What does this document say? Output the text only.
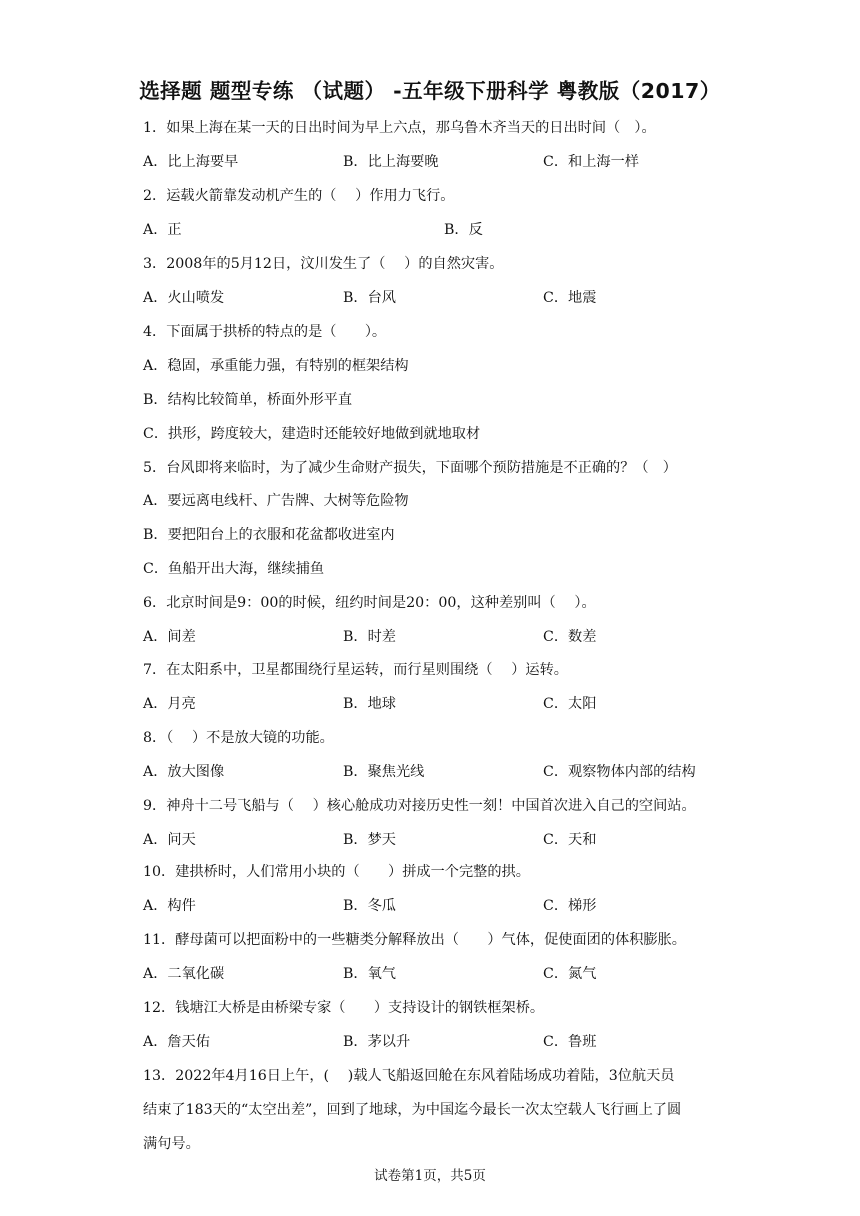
选择题 题型专练 （试题） -五年级下册科学 粤教版（2017）
1．如果上海在某一天的日出时间为早上六点，那乌鲁木齐当天的日出时间（　）。
A．比上海要早	B．比上海要晚	C．和上海一样
2．运载火箭靠发动机产生的（　 ）作用力飞行。
A．正	B．反
3．2008年的5月12日，汶川发生了（　 ）的自然灾害。
A．火山喷发	B．台风	C．地震
4．下面属于拱桥的特点的是（　　）。
A．稳固，承重能力强，有特别的框架结构
B．结构比较简单，桥面外形平直
C．拱形，跨度较大，建造时还能较好地做到就地取材
5．台风即将来临时，为了减少生命财产损失，下面哪个预防措施是不正确的？（　）
A．要远离电线杆、广告牌、大树等危险物
B．要把阳台上的衣服和花盆都收进室内
C．鱼船开出大海，继续捕鱼
6．北京时间是9：00的时候，纽约时间是20：00，这种差别叫（　 ）。
A．间差	B．时差	C．数差
7．在太阳系中，卫星都围绕行星运转，而行星则围绕（　 ）运转。
A．月亮	B．地球	C．太阳
8．（　 ）不是放大镜的功能。
A．放大图像	B．聚焦光线	C．观察物体内部的结构
9．神舟十二号飞船与（　 ）核心舱成功对接历史性一刻！中国首次进入自己的空间站。
A．问天	B．梦天	C．天和
10．建拱桥时，人们常用小块的（　　）拼成一个完整的拱。
A．构件	B．冬瓜	C．梯形
11．酵母菌可以把面粉中的一些糖类分解释放出（　　）气体，促使面团的体积膨胀。
A．二氧化碳	B．氧气	C．氮气
12．钱塘江大桥是由桥梁专家（　　）支持设计的钢铁框架桥。
A．詹天佑	B．茅以升	C．鲁班
13．2022年4月16日上午，(　 )载人飞船返回舱在东风着陆场成功着陆，3位航天员
结束了183天的“太空出差”，回到了地球，为中国迄今最长一次太空载人飞行画上了圆
满句号。
试卷第1页，共5页
